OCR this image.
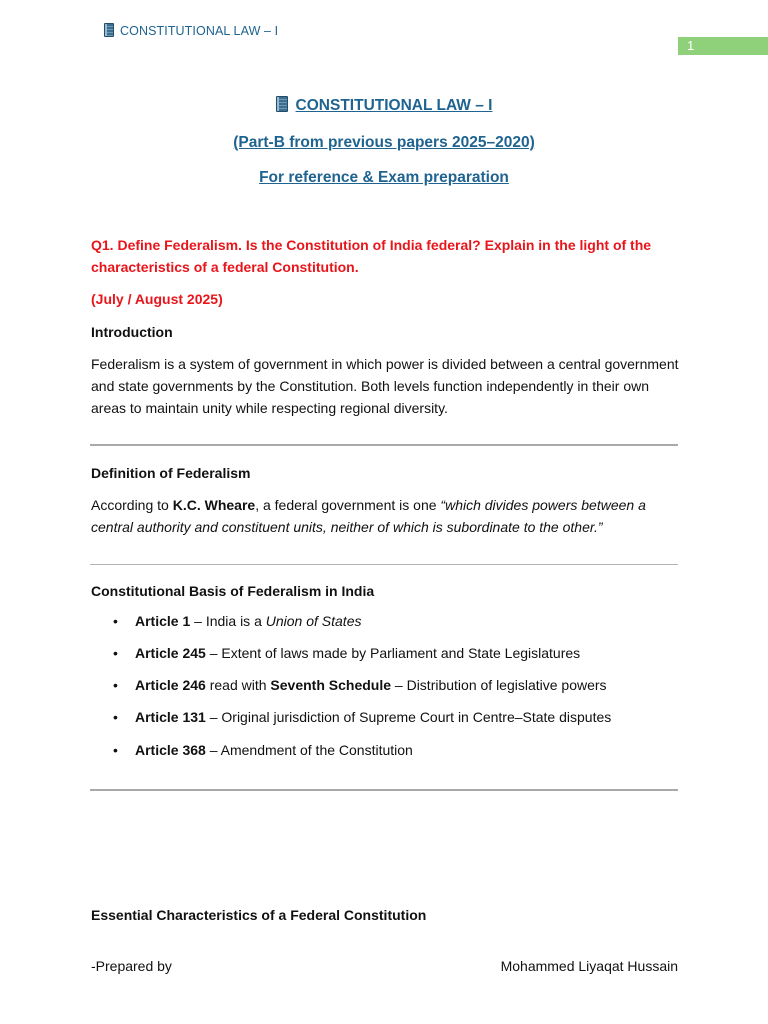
CONSTITUTIONAL LAW – I
1
CONSTITUTIONAL LAW – I
(Part-B from previous papers 2025–2020)
For reference & Exam preparation
Q1. Define Federalism. Is the Constitution of India federal? Explain in the light of the characteristics of a federal Constitution.
(July / August 2025)
Introduction
Federalism is a system of government in which power is divided between a central government and state governments by the Constitution. Both levels function independently in their own areas to maintain unity while respecting regional diversity.
Definition of Federalism
According to K.C. Wheare, a federal government is one “which divides powers between a central authority and constituent units, neither of which is subordinate to the other.”
Constitutional Basis of Federalism in India
• Article 1 – India is a Union of States
• Article 245 – Extent of laws made by Parliament and State Legislatures
• Article 246 read with Seventh Schedule – Distribution of legislative powers
• Article 131 – Original jurisdiction of Supreme Court in Centre–State disputes
• Article 368 – Amendment of the Constitution
Essential Characteristics of a Federal Constitution
-Prepared by	Mohammed Liyaqat Hussain
